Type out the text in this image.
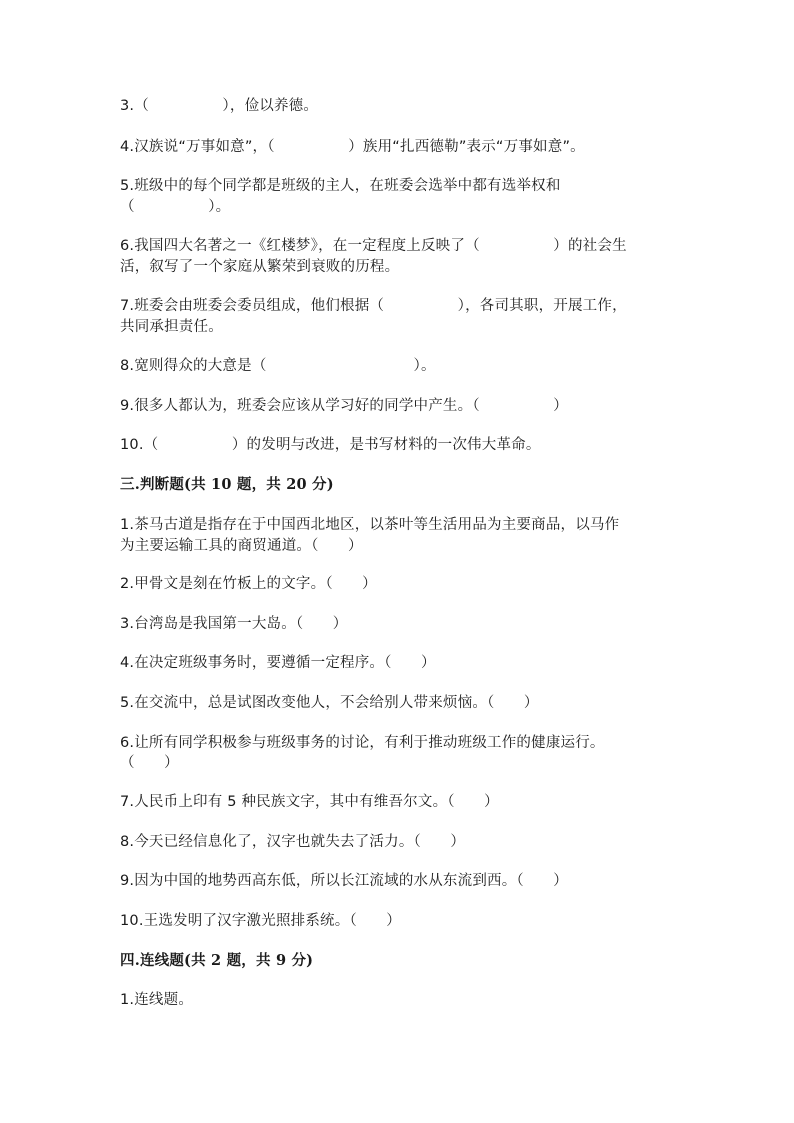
3.（　　　　　），俭以养德。
4.汉族说“万事如意”，（　　　　　）族用“扎西德勒”表示“万事如意”。
5.班级中的每个同学都是班级的主人，在班委会选举中都有选举权和
（　　　　　）。
6.我国四大名著之一《红楼梦》，在一定程度上反映了（　　　　　）的社会生
活，叙写了一个家庭从繁荣到衰败的历程。
7.班委会由班委会委员组成，他们根据（　　　　　），各司其职，开展工作，
共同承担责任。
8.宽则得众的大意是（　　　　　　　　　　）。
9.很多人都认为，班委会应该从学习好的同学中产生。（　　　　　）
10.（　　　　　）的发明与改进，是书写材料的一次伟大革命。
三.判断题(共 10 题，共 20 分)
1.茶马古道是指存在于中国西北地区，以茶叶等生活用品为主要商品，以马作
为主要运输工具的商贸通道。（　　）
2.甲骨文是刻在竹板上的文字。（　　）
3.台湾岛是我国第一大岛。（　　）
4.在决定班级事务时，要遵循一定程序。（　　）
5.在交流中，总是试图改变他人，不会给别人带来烦恼。（　　）
6.让所有同学积极参与班级事务的讨论，有利于推动班级工作的健康运行。
（　　）
7.人民币上印有 5 种民族文字，其中有维吾尔文。（　　）
8.今天已经信息化了，汉字也就失去了活力。（　　）
9.因为中国的地势西高东低，所以长江流域的水从东流到西。（　　）
10.王选发明了汉字激光照排系统。（　　）
四.连线题(共 2 题，共 9 分)
1.连线题。
